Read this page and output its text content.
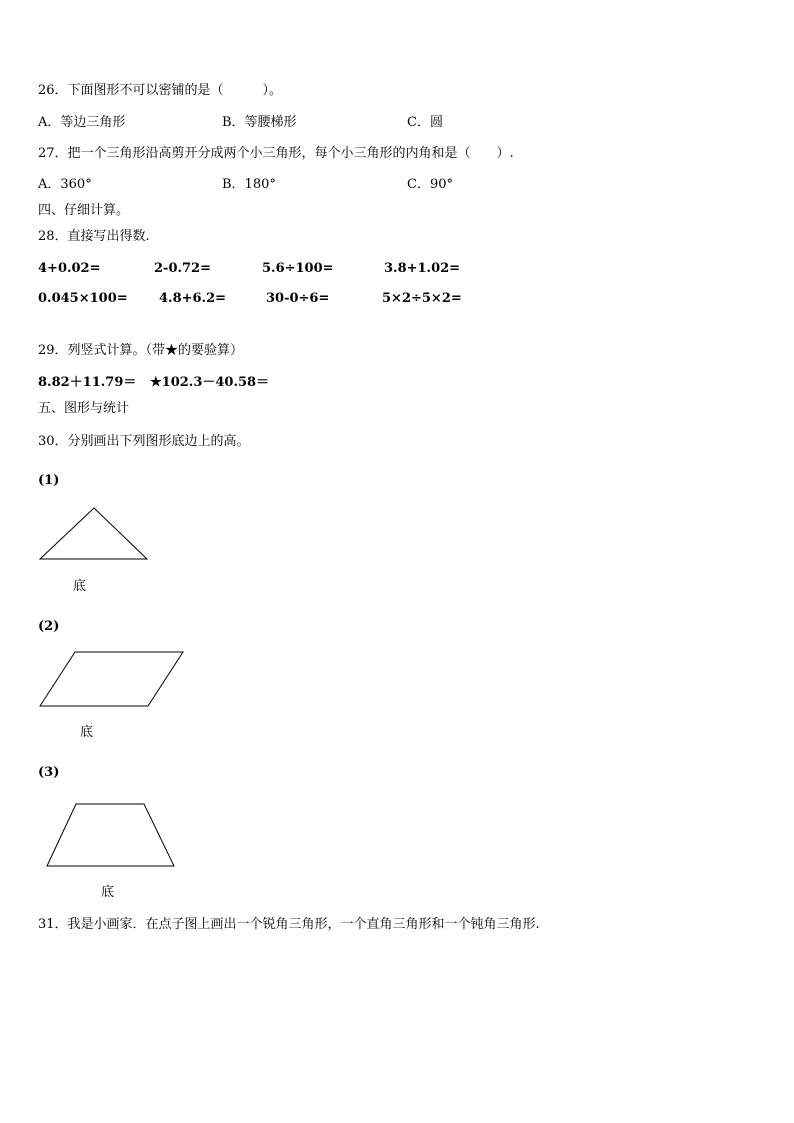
26．下面图形不可以密铺的是（　　　）。
A．等边三角形	B．等腰梯形	C．圆
27．把一个三角形沿高剪开分成两个小三角形，每个小三角形的内角和是（　　）.
A．360°	B．180°	C．90°
四、仔细计算。
28．直接写出得数.
4+0.02=	2-0.72=	5.6÷100=	3.8+1.02=
0.045×100= 4.8+6.2=	30-0÷6=	5×2÷5×2=
29．列竖式计算。（带★的要验算）
8.82＋11.79＝ ★102.3－40.58＝
五、图形与统计
30．分别画出下列图形底边上的高。
(1)
底
(2)
底
(3)
底
31．我是小画家．在点子图上画出一个锐角三角形，一个直角三角形和一个钝角三角形.
